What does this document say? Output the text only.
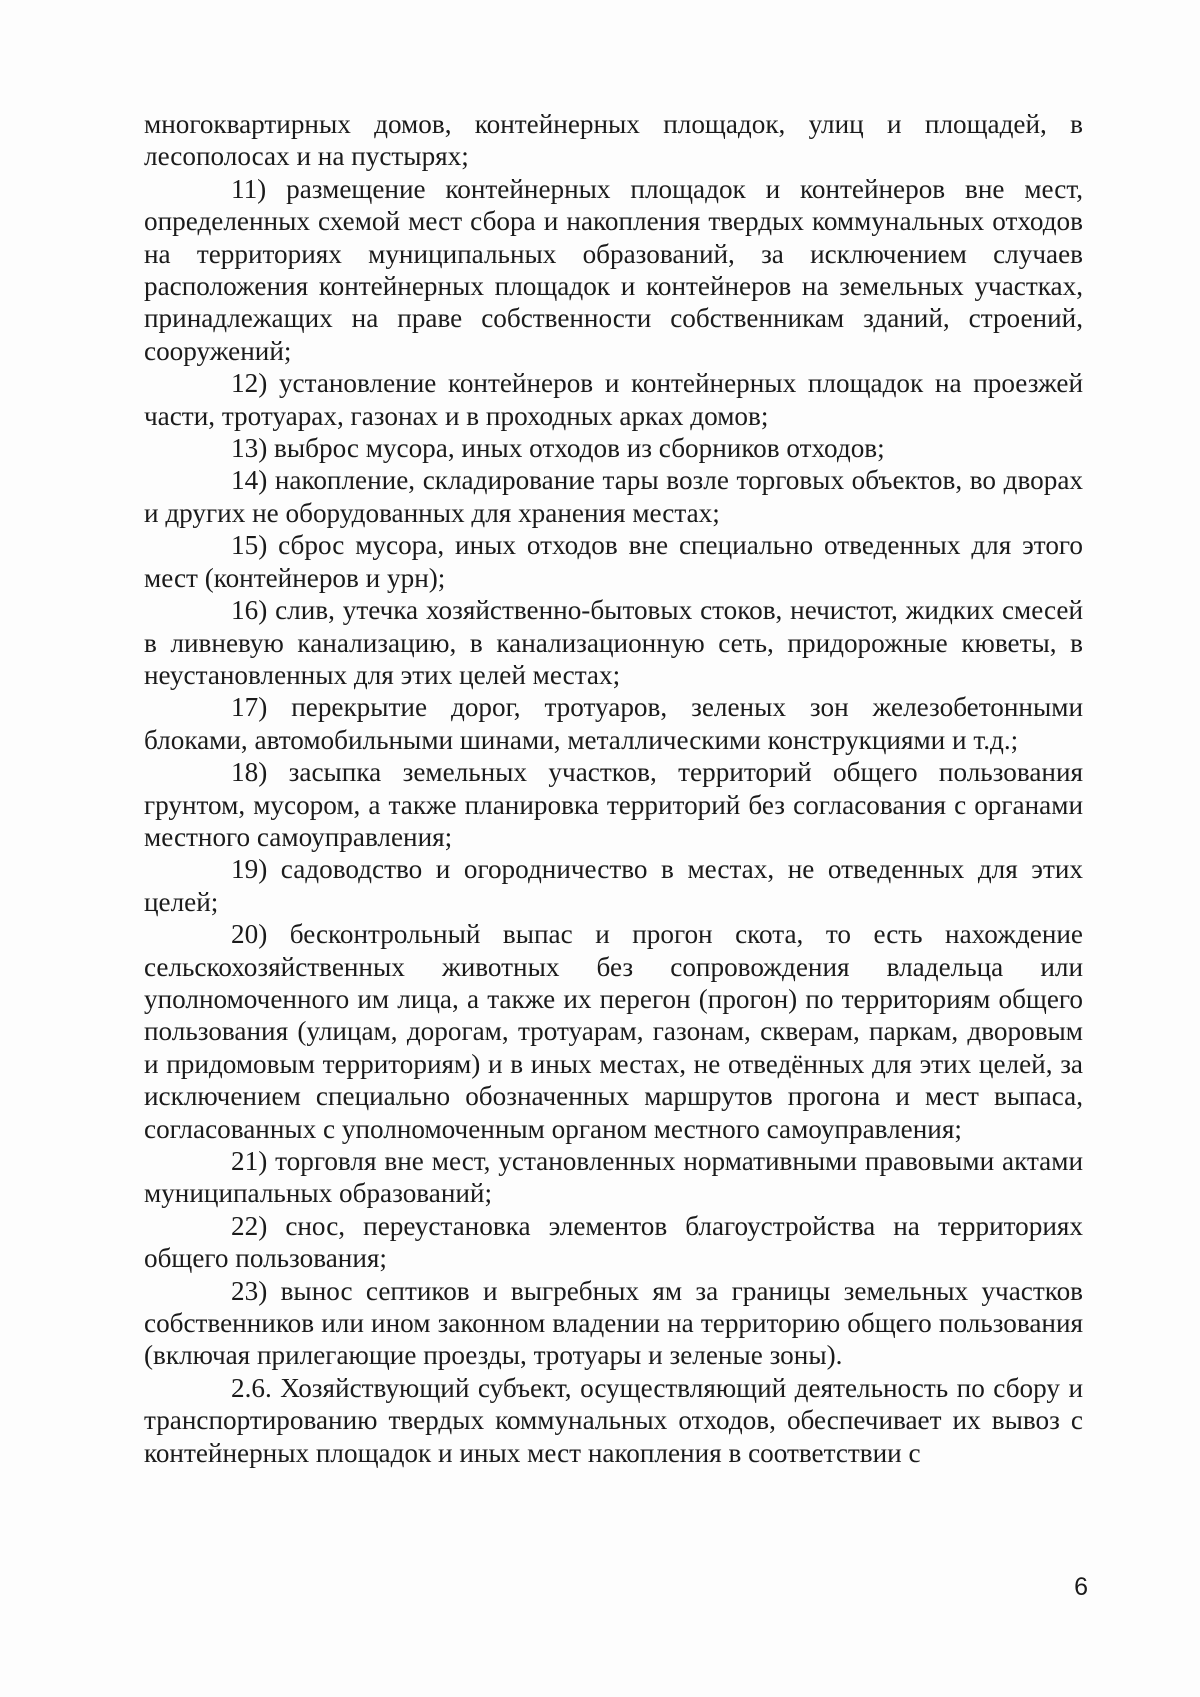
многоквартирных домов, контейнерных площадок, улиц и площадей, в лесополосах и на пустырях;

11) размещение контейнерных площадок и контейнеров вне мест, определенных схемой мест сбора и накопления твердых коммунальных отходов на территориях муниципальных образований, за исключением случаев расположения контейнерных площадок и контейнеров на земельных участках, принадлежащих на праве собственности собственникам зданий, строений, сооружений;

12) установление контейнеров и контейнерных площадок на проезжей части, тротуарах, газонах и в проходных арках домов;

13) выброс мусора, иных отходов из сборников отходов;

14) накопление, складирование тары возле торговых объектов, во дворах и других не оборудованных для хранения местах;

15) сброс мусора, иных отходов вне специально отведенных для этого мест (контейнеров и урн);

16) слив, утечка хозяйственно-бытовых стоков, нечистот, жидких смесей в ливневую канализацию, в канализационную сеть, придорожные кюветы, в неустановленных для этих целей местах;

17) перекрытие дорог, тротуаров, зеленых зон железобетонными блоками, автомобильными шинами, металлическими конструкциями и т.д.;

18) засыпка земельных участков, территорий общего пользования грунтом, мусором, а также планировка территорий без согласования с органами местного самоуправления;

19) садоводство и огородничество в местах, не отведенных для этих целей;

20) бесконтрольный выпас и прогон скота, то есть нахождение сельскохозяйственных животных без сопровождения владельца или уполномоченного им лица, а также их перегон (прогон) по территориям общего пользования (улицам, дорогам, тротуарам, газонам, скверам, паркам, дворовым и придомовым территориям) и в иных местах, не отведённых для этих целей, за исключением специально обозначенных маршрутов прогона и мест выпаса, согласованных с уполномоченным органом местного самоуправления;

21) торговля вне мест, установленных нормативными правовыми актами муниципальных образований;

22) снос, переустановка элементов благоустройства на территориях общего пользования;

23) вынос септиков и выгребных ям за границы земельных участков собственников или ином законном владении на территорию общего пользования (включая прилегающие проезды, тротуары и зеленые зоны).

2.6. Хозяйствующий субъект, осуществляющий деятельность по сбору и транспортированию твердых коммунальных отходов, обеспечивает их вывоз с контейнерных площадок и иных мест накопления в соответствии с

6
